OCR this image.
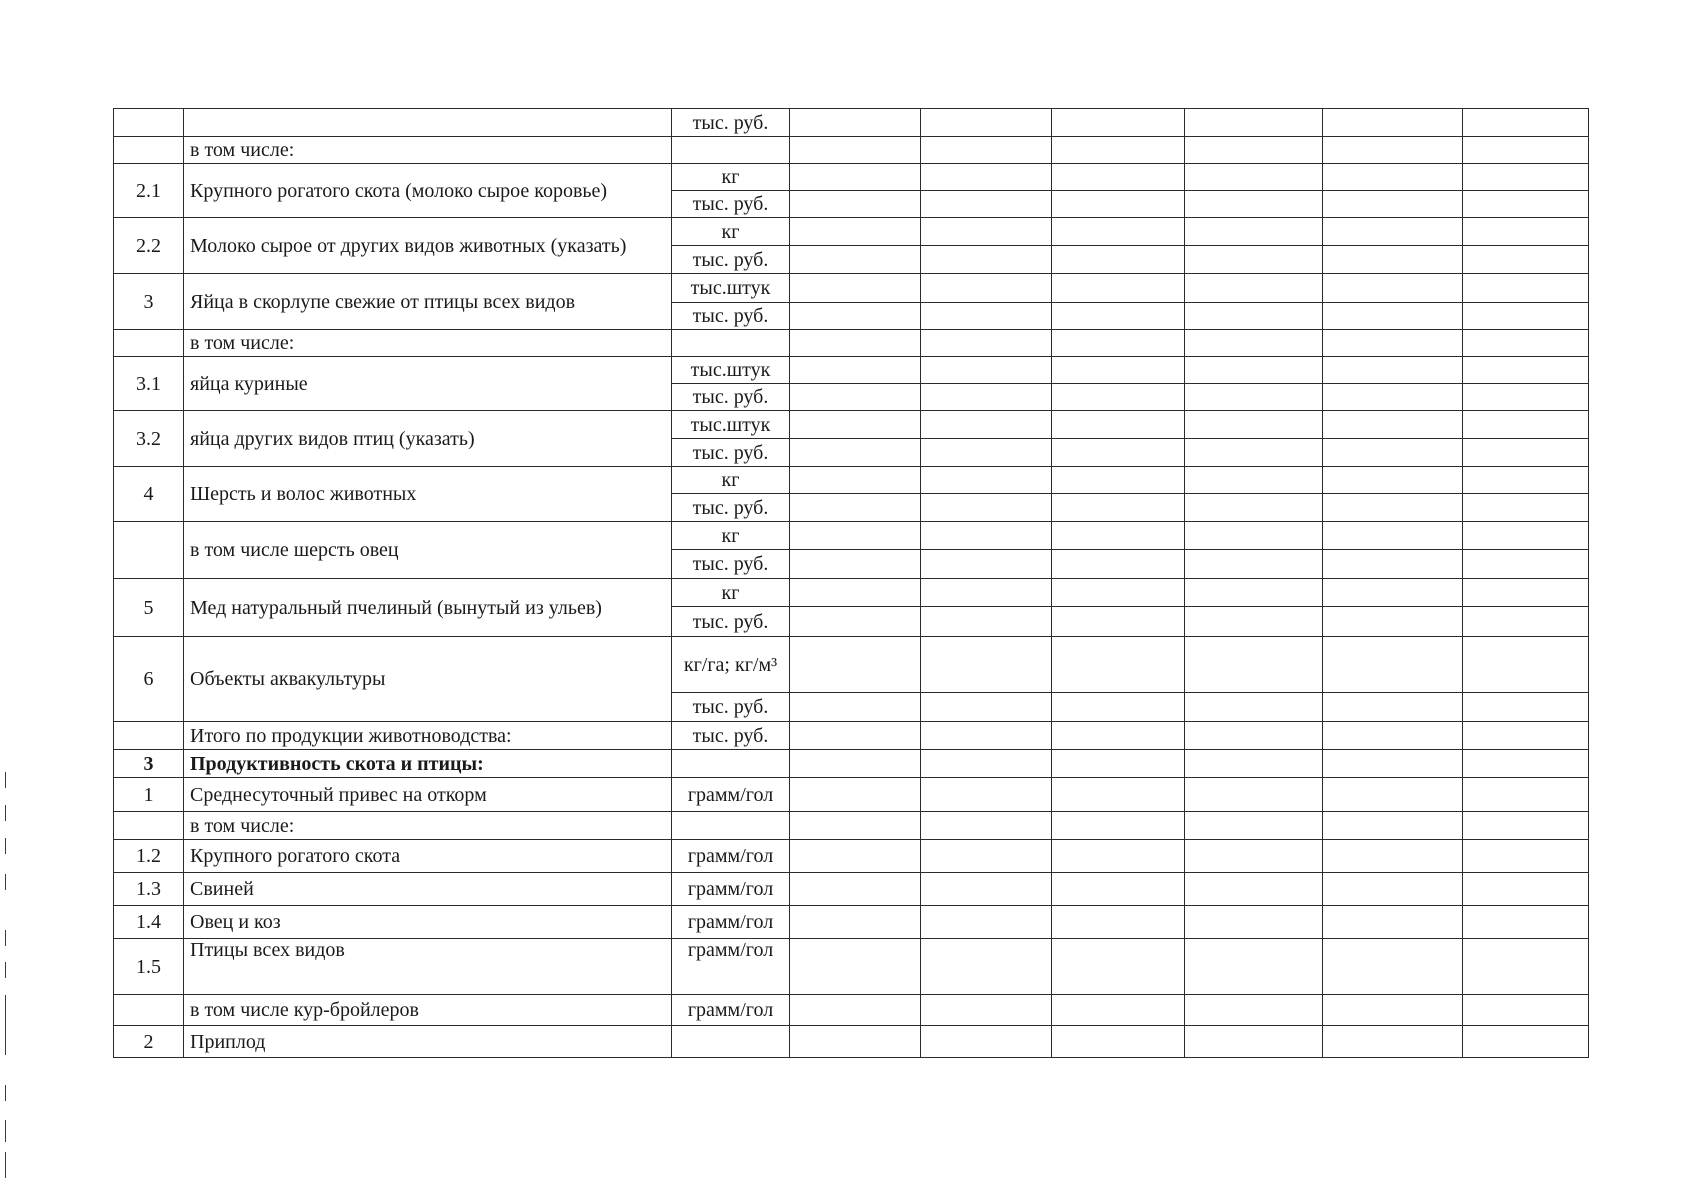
		тыс. руб.						
	в том числе:							
2.1	Крупного рогатого скота (молоко сырое коровье)	кг						
		тыс. руб.						
2.2	Молоко сырое от других видов животных (указать)	кг						
		тыс. руб.						
3	Яйца в скорлупе свежие от птицы всех видов	тыс.штук						
		тыс. руб.						
	в том числе:							
3.1	яйца куриные	тыс.штук						
		тыс. руб.						
3.2	яйца других видов птиц (указать)	тыс.штук						
		тыс. руб.						
4	Шерсть и волос животных	кг						
		тыс. руб.						
	в том числе шерсть овец	кг						
		тыс. руб.						
5	Мед натуральный пчелиный (вынутый из ульев)	кг						
		тыс. руб.						
6	Объекты аквакультуры	кг/га; кг/м³						
		тыс. руб.						
	Итого по продукции животноводства:	тыс. руб.						
3	Продуктивность скота и птицы:							
1	Среднесуточный привес на откорм	грамм/гол						
	в том числе:							
1.2	Крупного рогатого скота	грамм/гол						
1.3	Свиней	грамм/гол						
1.4	Овец и коз	грамм/гол						
1.5	Птицы всех видов	грамм/гол						
	в том числе кур-бройлеров	грамм/гол						
2	Приплод							
